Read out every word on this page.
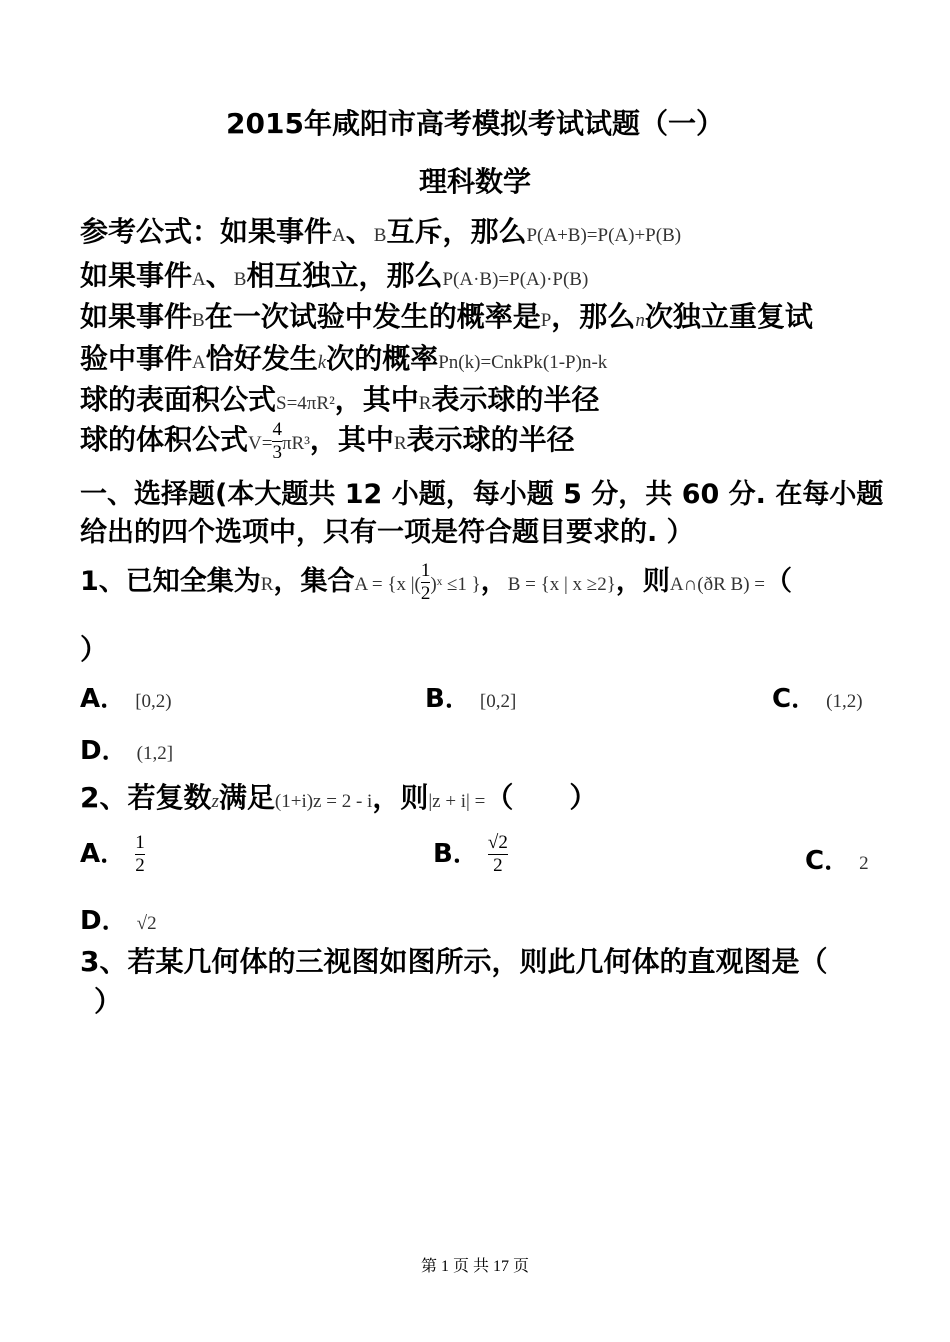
2015年咸阳市高考模拟考试试题（一）
理科数学
参考公式：如果事件A、B互斥，那么P(A+B)=P(A)+P(B)
如果事件A、B相互独立，那么P(A·B)=P(A)·P(B)
如果事件B在一次试验中发生的概率是P，那么n次独立重复试
验中事件A恰好发生k次的概率Pn(k)=CnkPk(1-P)n-k
球的表面积公式S=4πR²，其中R表示球的半径
球的体积公式$V= \frac{4}{3} \pi R^3$，其中R表示球的半径
一、选择题(本大题共 12 小题，每小题 5 分，共 60 分. 在每小题
给出的四个选项中，只有一项是符合题目要求的. ）
1、已知全集为R，集合A = {x |( $\frac{1}{2}$ )ˣ ≤1 }，B = {x | x ≥2}，则A∩(ðR B) =（
）
A． [0,2)	B． [0,2]	C． (1,2)
D． (1,2]
2、若复数z满足(1+i)z = 2 - i，则|z + i| =（　　）
A． $\frac{1}{2}$	B． $\frac{√2}{2}$	C． 2
D． √2
3、若某几何体的三视图如图所示，则此几何体的直观图是（
）
第 1 页 共 17 页
